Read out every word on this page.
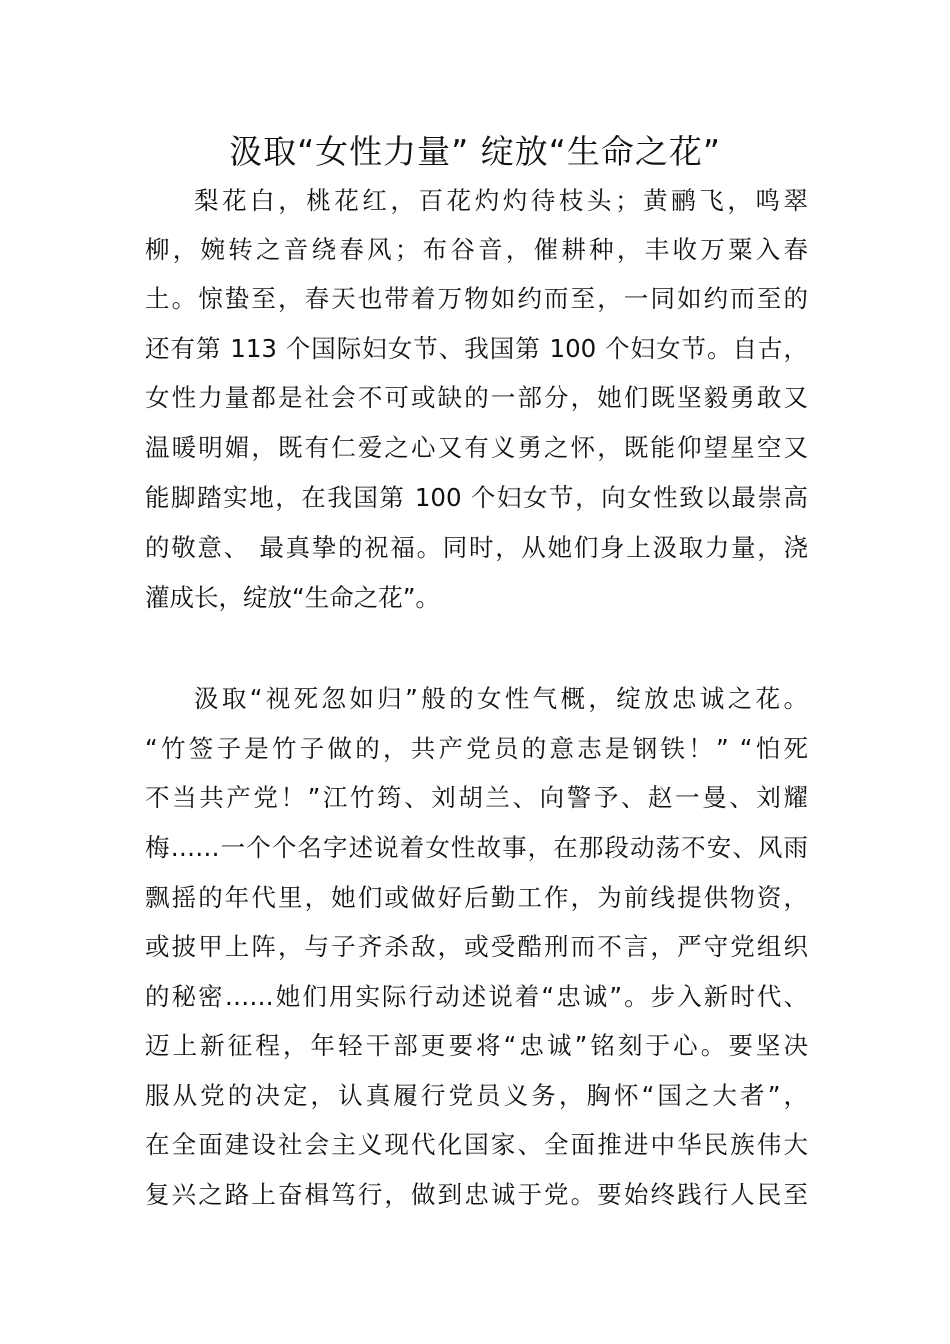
汲取“女性力量” 绽放“生命之花”
梨花白，桃花红，百花灼灼待枝头；黄鹂飞，鸣翠
柳，婉转之音绕春风；布谷音，催耕种，丰收万粟入春
土。惊蛰至，春天也带着万物如约而至，一同如约而至的
还有第 113 个国际妇女节、我国第 100 个妇女节。自古，
女性力量都是社会不可或缺的一部分，她们既坚毅勇敢又
温暖明媚，既有仁爱之心又有义勇之怀，既能仰望星空又
能脚踏实地，在我国第 100 个妇女节，向女性致以最崇高
的敬意、 最真挚的祝福。同时，从她们身上汲取力量，浇
灌成长，绽放“生命之花”。
汲取“视死忽如归”般的女性气概，绽放忠诚之花。
“竹签子是竹子做的，共产党员的意志是钢铁！” “怕死
不当共产党！”江竹筠、刘胡兰、向警予、赵一曼、刘耀
梅……一个个名字述说着女性故事，在那段动荡不安、风雨
飘摇的年代里，她们或做好后勤工作，为前线提供物资，
或披甲上阵，与子齐杀敌，或受酷刑而不言，严守党组织
的秘密……她们用实际行动述说着“忠诚”。步入新时代、
迈上新征程，年轻干部更要将“忠诚”铭刻于心。要坚决
服从党的决定，认真履行党员义务，胸怀“国之大者”，
在全面建设社会主义现代化国家、全面推进中华民族伟大
复兴之路上奋楫笃行，做到忠诚于党。要始终践行人民至
